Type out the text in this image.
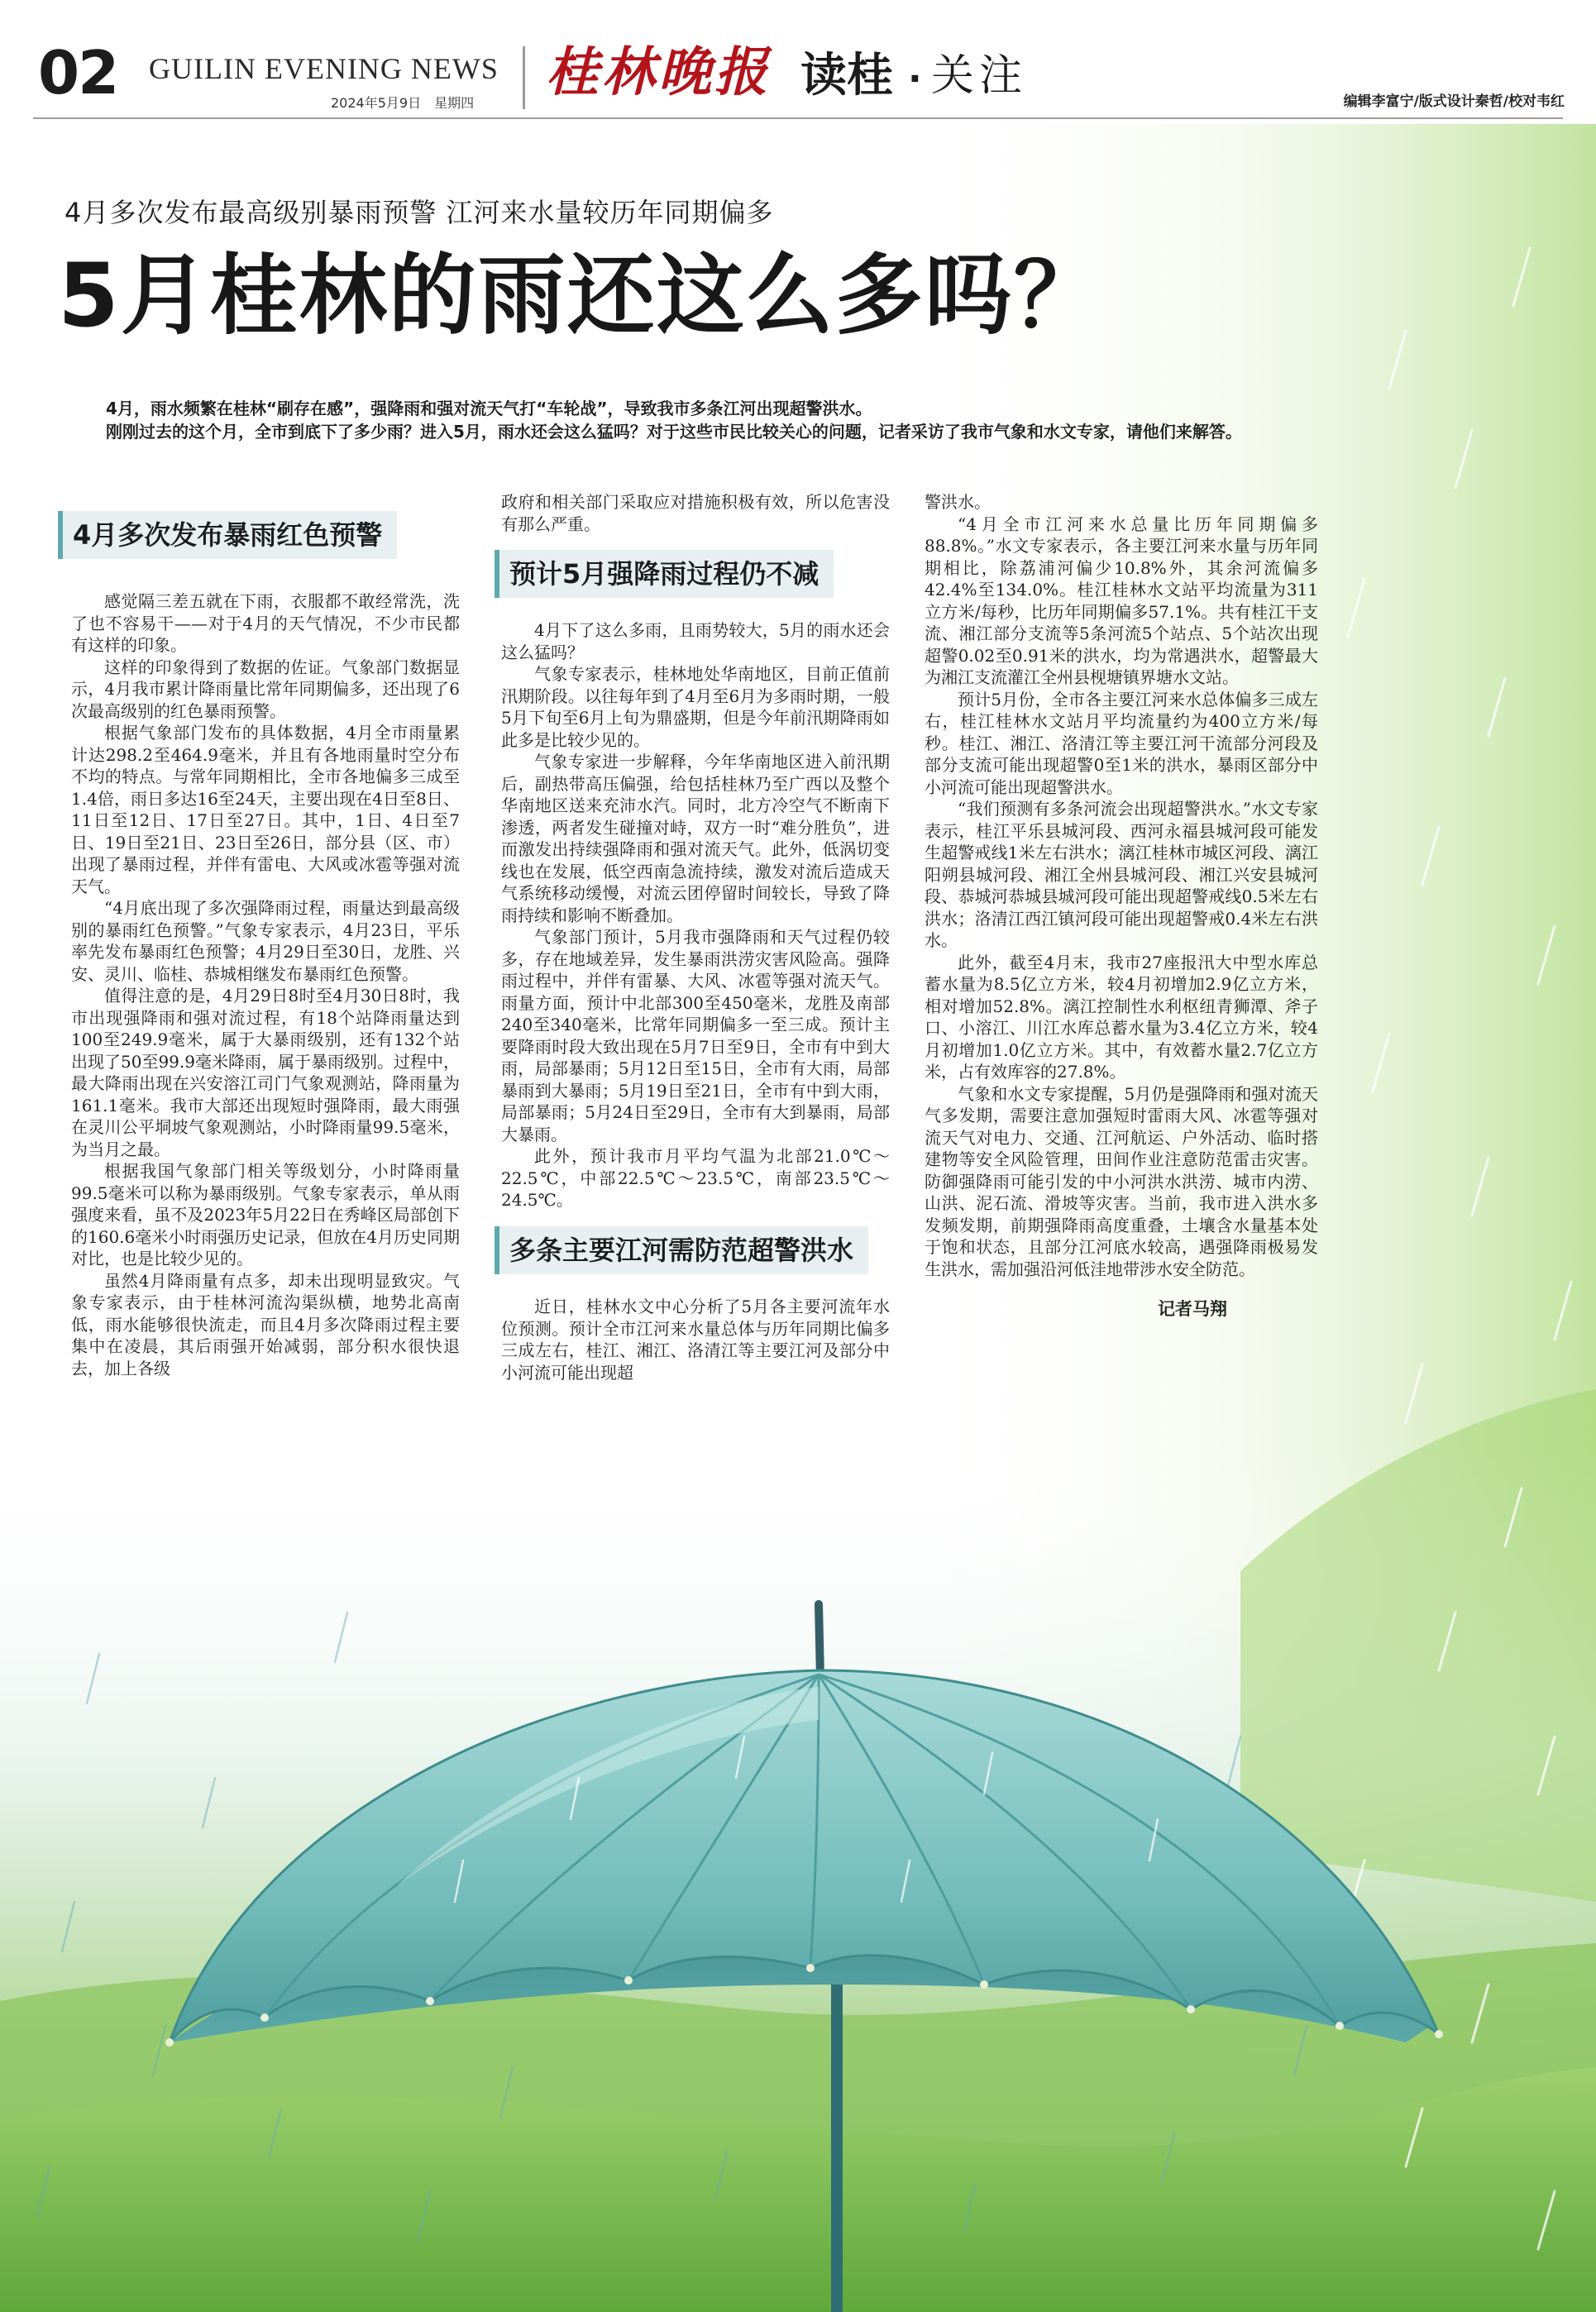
02 GUILIN EVENING NEWS
2024年5月9日　星期四 桂林晚报 读桂 · 关注
编辑李富宁/版式设计秦哲/校对韦红
4月多次发布最高级别暴雨预警 江河来水量较历年同期偏多
5月桂林的雨还这么多吗？

4月，雨水频繁在桂林“刷存在感”，强降雨和强对流天气打“车轮战”，导致我市多条江河出现超警洪水。

刚刚过去的这个月，全市到底下了多少雨？进入5月，雨水还会这么猛吗？对于这些市民比较关心的问题，记者采访了我市气象和水文专家，请他们来解答。

4月多次发布暴雨红色预警

感觉隔三差五就在下雨，衣服都不敢经常洗，洗了也不容易干——对于4月的天气情况，不少市民都有这样的印象。

这样的印象得到了数据的佐证。气象部门数据显示，4月我市累计降雨量比常年同期偏多，还出现了6次最高级别的红色暴雨预警。

根据气象部门发布的具体数据，4月全市雨量累计达298.2至464.9毫米，并且有各地雨量时空分布不均的特点。与常年同期相比，全市各地偏多三成至1.4倍，雨日多达16至24天，主要出现在4日至8日、11日至12日、17日至27日。其中，1日、4日至7日、19日至21日、23日至26日，部分县（区、市）出现了暴雨过程，并伴有雷电、大风或冰雹等强对流天气。

“4月底出现了多次强降雨过程，雨量达到最高级别的暴雨红色预警。”气象专家表示，4月23日，平乐率先发布暴雨红色预警；4月29日至30日，龙胜、兴安、灵川、临桂、恭城相继发布暴雨红色预警。

值得注意的是，4月29日8时至4月30日8时，我市出现强降雨和强对流过程，有18个站降雨量达到100至249.9毫米，属于大暴雨级别，还有132个站出现了50至99.9毫米降雨，属于暴雨级别。过程中，最大降雨出现在兴安溶江司门气象观测站，降雨量为161.1毫米。我市大部还出现短时强降雨，最大雨强在灵川公平垌坡气象观测站，小时降雨量99.5毫米，为当月之最。

根据我国气象部门相关等级划分，小时降雨量99.5毫米可以称为暴雨级别。气象专家表示，单从雨强度来看，虽不及2023年5月22日在秀峰区局部创下的160.6毫米小时雨强历史记录，但放在4月历史同期对比，也是比较少见的。

虽然4月降雨量有点多，却未出现明显致灾。气象专家表示，由于桂林河流沟渠纵横，地势北高南低，雨水能够很快流走，而且4月多次降雨过程主要集中在凌晨，其后雨强开始减弱，部分积水很快退去，加上各级

政府和相关部门采取应对措施积极有效，所以危害没有那么严重。

预计5月强降雨过程仍不减

4月下了这么多雨，且雨势较大，5月的雨水还会这么猛吗？

气象专家表示，桂林地处华南地区，目前正值前汛期阶段。以往每年到了4月至6月为多雨时期，一般5月下旬至6月上旬为鼎盛期，但是今年前汛期降雨如此多是比较少见的。

气象专家进一步解释，今年华南地区进入前汛期后，副热带高压偏强，给包括桂林乃至广西以及整个华南地区送来充沛水汽。同时，北方冷空气不断南下渗透，两者发生碰撞对峙，双方一时“难分胜负”，进而激发出持续强降雨和强对流天气。此外，低涡切变线也在发展，低空西南急流持续，激发对流后造成天气系统移动缓慢，对流云团停留时间较长，导致了降雨持续和影响不断叠加。

气象部门预计，5月我市强降雨和天气过程仍较多，存在地域差异，发生暴雨洪涝灾害风险高。强降雨过程中，并伴有雷暴、大风、冰雹等强对流天气。雨量方面，预计中北部300至450毫米，龙胜及南部240至340毫米，比常年同期偏多一至三成。预计主要降雨时段大致出现在5月7日至9日，全市有中到大雨，局部暴雨；5月12日至15日，全市有大雨，局部暴雨到大暴雨；5月19日至21日，全市有中到大雨，局部暴雨；5月24日至29日，全市有大到暴雨，局部大暴雨。

此外，预计我市月平均气温为北部21.0℃～22.5℃，中部22.5℃～23.5℃，南部23.5℃～24.5℃。

多条主要江河需防范超警洪水

近日，桂林水文中心分析了5月各主要河流年水位预测。预计全市江河来水量总体与历年同期比偏多三成左右，桂江、湘江、洛清江等主要江河及部分中小河流可能出现超

警洪水。

“4月全市江河来水总量比历年同期偏多88.8%。”水文专家表示，各主要江河来水量与历年同期相比，除荔浦河偏少10.8%外，其余河流偏多42.4%至134.0%。桂江桂林水文站平均流量为311立方米/每秒，比历年同期偏多57.1%。共有桂江干支流、湘江部分支流等5条河流5个站点、5个站次出现超警0.02至0.91米的洪水，均为常遇洪水，超警最大为湘江支流灌江全州县枧塘镇界塘水文站。

预计5月份，全市各主要江河来水总体偏多三成左右，桂江桂林水文站月平均流量约为400立方米/每秒。桂江、湘江、洛清江等主要江河干流部分河段及部分支流可能出现超警0至1米的洪水，暴雨区部分中小河流可能出现超警洪水。

“我们预测有多条河流会出现超警洪水。”水文专家表示，桂江平乐县城河段、西河永福县城河段可能发生超警戒线1米左右洪水；漓江桂林市城区河段、漓江阳朔县城河段、湘江全州县城河段、湘江兴安县城河段、恭城河恭城县城河段可能出现超警戒线0.5米左右洪水；洛清江西江镇河段可能出现超警戒0.4米左右洪水。

此外，截至4月末，我市27座报汛大中型水库总蓄水量为8.5亿立方米，较4月初增加2.9亿立方米，相对增加52.8%。漓江控制性水利枢纽青狮潭、斧子口、小溶江、川江水库总蓄水量为3.4亿立方米，较4月初增加1.0亿立方米。其中，有效蓄水量2.7亿立方米，占有效库容的27.8%。

气象和水文专家提醒，5月仍是强降雨和强对流天气多发期，需要注意加强短时雷雨大风、冰雹等强对流天气对电力、交通、江河航运、户外活动、临时搭建物等安全风险管理，田间作业注意防范雷击灾害。防御强降雨可能引发的中小河洪水洪涝、城市内涝、山洪、泥石流、滑坡等灾害。当前，我市进入洪水多发频发期，前期强降雨高度重叠，土壤含水量基本处于饱和状态，且部分江河底水较高，遇强降雨极易发生洪水，需加强沿河低洼地带涉水安全防范。

记者马翔
